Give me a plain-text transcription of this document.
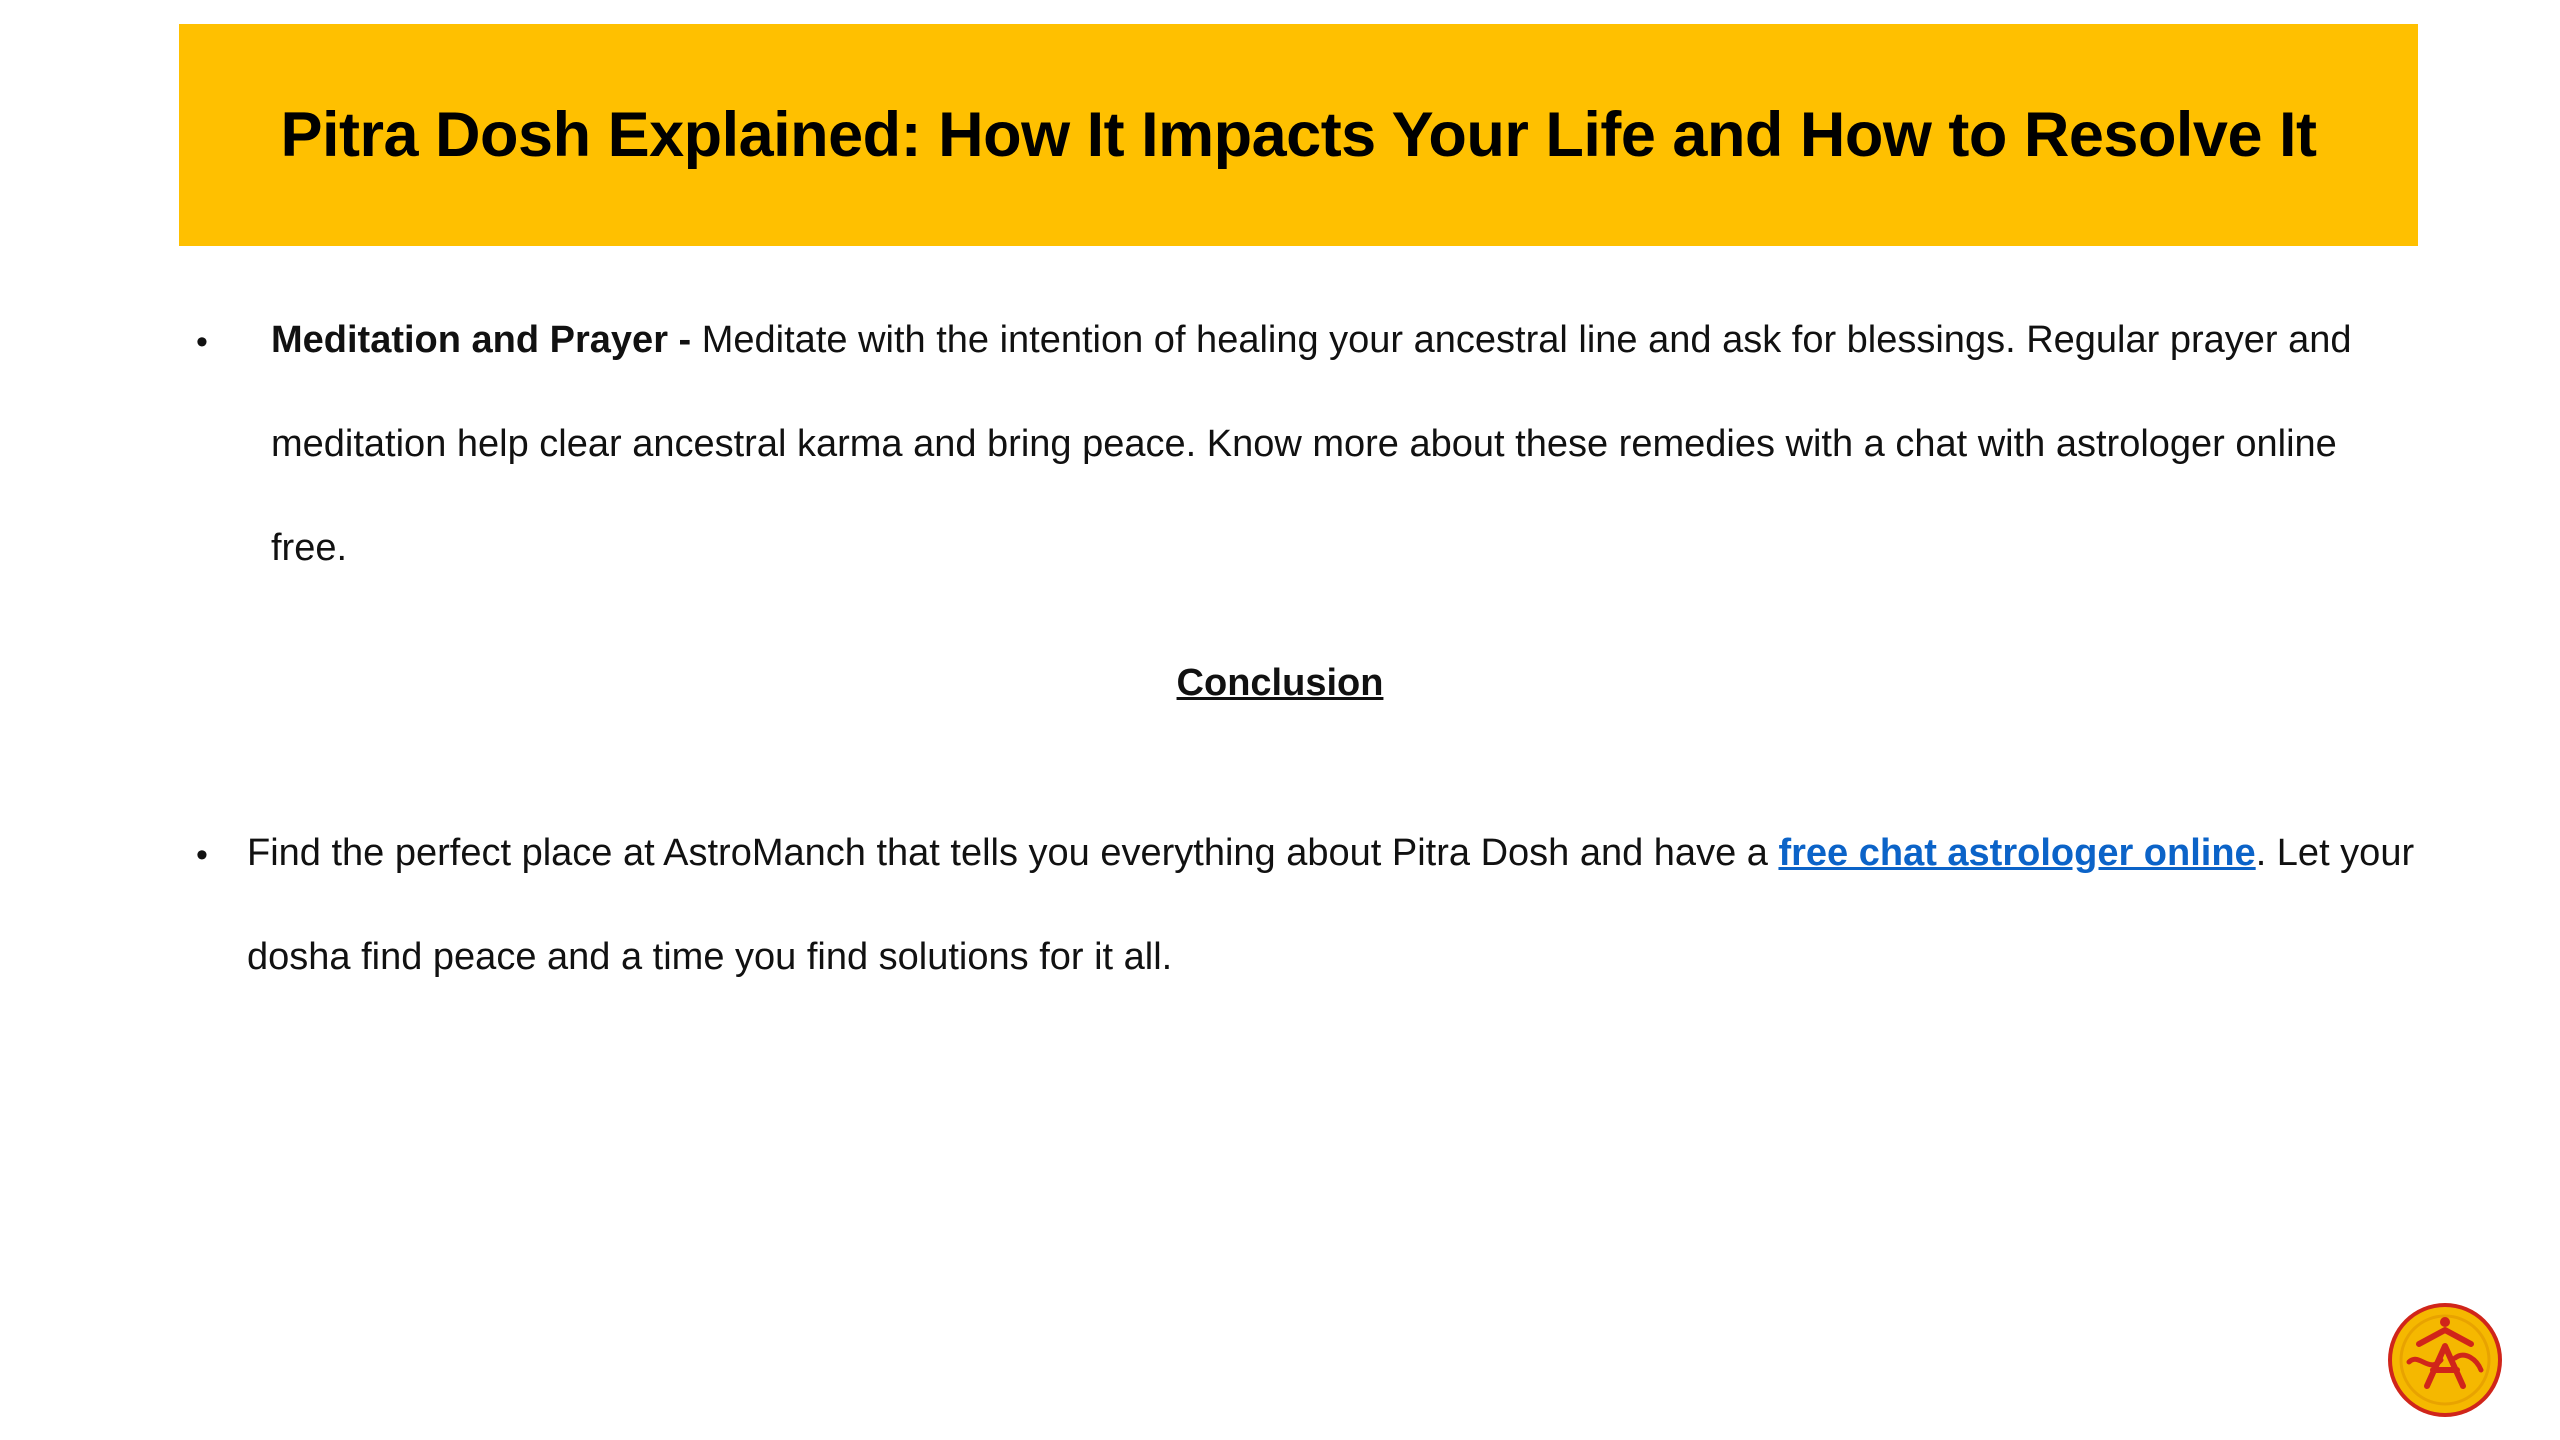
Pitra Dosh Explained: How It Impacts Your Life and How to Resolve It
• Meditation and Prayer - Meditate with the intention of healing your ancestral line and ask for blessings. Regular prayer and meditation help clear ancestral karma and bring peace. Know more about these remedies with a chat with astrologer online free.
Conclusion
• Find the perfect place at AstroManch that tells you everything about Pitra Dosh and have a free chat astrologer online. Let your dosha find peace and a time you find solutions for it all.
